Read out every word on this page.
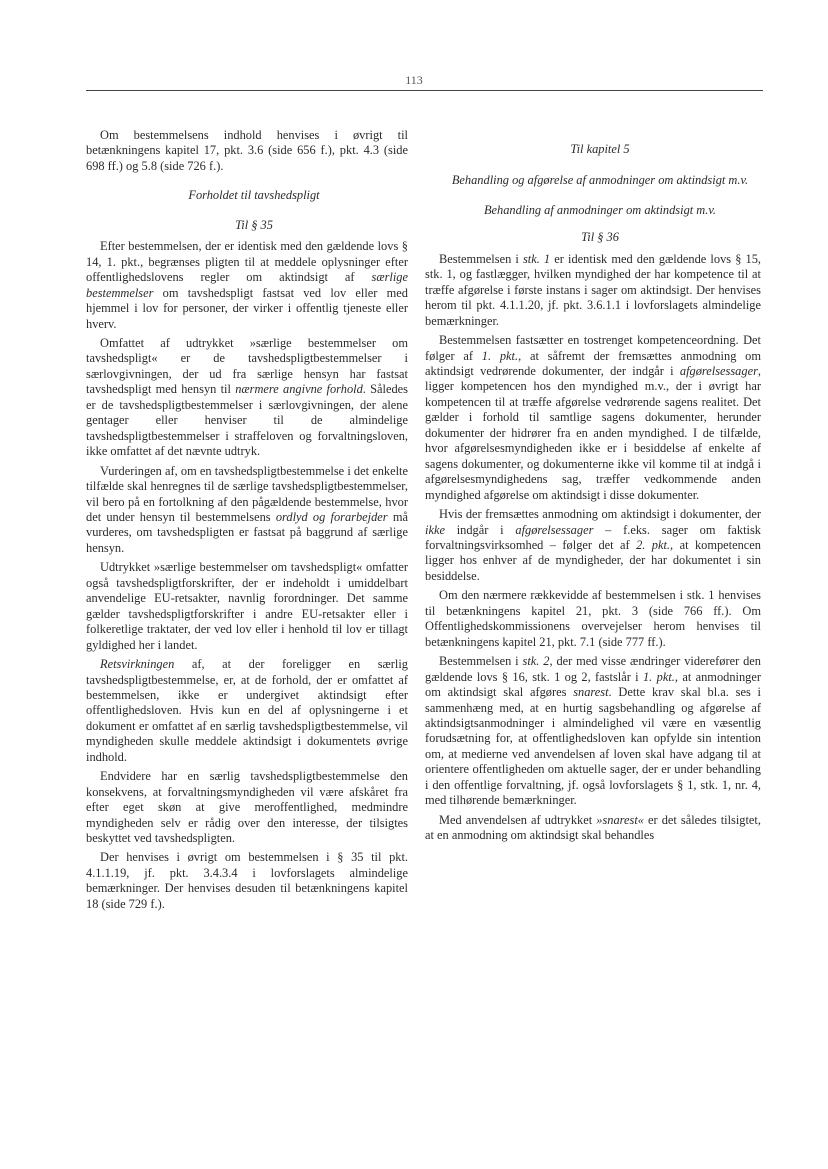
113

Om bestemmelsens indhold henvises i øvrigt til betænkningens kapitel 17, pkt. 3.6 (side 656 f.), pkt. 4.3 (side 698 ff.) og 5.8 (side 726 f.).

Forholdet til tavshedspligt

Til § 35

Efter bestemmelsen, der er identisk med den gældende lovs § 14, 1. pkt., begrænses pligten til at meddele oplysninger efter offentlighedslovens regler om aktindsigt af særlige bestemmelser om tavshedspligt fastsat ved lov eller med hjemmel i lov for personer, der virker i offentlig tjeneste eller hverv.

Omfattet af udtrykket »særlige bestemmelser om tavshedspligt« er de tavshedspligtbestemmelser i særlovgivningen, der ud fra særlige hensyn har fastsat tavshedspligt med hensyn til nærmere angivne forhold. Således er de tavshedspligtbestemmelser i særlovgivningen, der alene gentager eller henviser til de almindelige tavshedspligtbestemmelser i straffeloven og forvaltningsloven, ikke omfattet af det nævnte udtryk.

Vurderingen af, om en tavshedspligtbestemmelse i det enkelte tilfælde skal henregnes til de særlige tavshedspligtbestemmelser, vil bero på en fortolkning af den pågældende bestemmelse, hvor det under hensyn til bestemmelsens ordlyd og forarbejder må vurderes, om tavshedspligten er fastsat på baggrund af særlige hensyn.

Udtrykket »særlige bestemmelser om tavshedspligt« omfatter også tavshedspligtforskrifter, der er indeholdt i umiddelbart anvendelige EU-retsakter, navnlig forordninger. Det samme gælder tavshedspligtforskrifter i andre EU-retsakter eller i folkeretlige traktater, der ved lov eller i henhold til lov er tillagt gyldighed her i landet.

Retsvirkningen af, at der foreligger en særlig tavshedspligtbestemmelse, er, at de forhold, der er omfattet af bestemmelsen, ikke er undergivet aktindsigt efter offentlighedsloven. Hvis kun en del af oplysningerne i et dokument er omfattet af en særlig tavshedspligtbestemmelse, vil myndigheden skulle meddele aktindsigt i dokumentets øvrige indhold.

Endvidere har en særlig tavshedspligtbestemmelse den konsekvens, at forvaltningsmyndigheden vil være afskåret fra efter eget skøn at give meroffentlighed, medmindre myndigheden selv er rådig over den interesse, der tilsigtes beskyttet ved tavshedspligten.

Der henvises i øvrigt om bestemmelsen i § 35 til pkt. 4.1.1.19, jf. pkt. 3.4.3.4 i lovforslagets almindelige bemærkninger. Der henvises desuden til betænkningens kapitel 18 (side 729 f.).

Til kapitel 5

Behandling og afgørelse af anmodninger om aktindsigt m.v.

Behandling af anmodninger om aktindsigt m.v.

Til § 36

Bestemmelsen i stk. 1 er identisk med den gældende lovs § 15, stk. 1, og fastlægger, hvilken myndighed der har kompetence til at træffe afgørelse i første instans i sager om aktindsigt. Der henvises herom til pkt. 4.1.1.20, jf. pkt. 3.6.1.1 i lovforslagets almindelige bemærkninger.

Bestemmelsen fastsætter en tostrenget kompetenceordning. Det følger af 1. pkt., at såfremt der fremsættes anmodning om aktindsigt vedrørende dokumenter, der indgår i afgørelsessager, ligger kompetencen hos den myndighed m.v., der i øvrigt har kompetencen til at træffe afgørelse vedrørende sagens realitet. Det gælder i forhold til samtlige sagens dokumenter, herunder dokumenter der hidrører fra en anden myndighed. I de tilfælde, hvor afgørelsesmyndigheden ikke er i besiddelse af enkelte af sagens dokumenter, og dokumenterne ikke vil komme til at indgå i afgørelsesmyndighedens sag, træffer vedkommende anden myndighed afgørelse om aktindsigt i disse dokumenter.

Hvis der fremsættes anmodning om aktindsigt i dokumenter, der ikke indgår i afgørelsessager – f.eks. sager om faktisk forvaltningsvirksomhed – følger det af 2. pkt., at kompetencen ligger hos enhver af de myndigheder, der har dokumentet i sin besiddelse.

Om den nærmere rækkevidde af bestemmelsen i stk. 1 henvises til betænkningens kapitel 21, pkt. 3 (side 766 ff.). Om Offentlighedskommissionens overvejelser herom henvises til betænkningens kapitel 21, pkt. 7.1 (side 777 ff.).

Bestemmelsen i stk. 2, der med visse ændringer viderefører den gældende lovs § 16, stk. 1 og 2, fastslår i 1. pkt., at anmodninger om aktindsigt skal afgøres snarest. Dette krav skal bl.a. ses i sammenhæng med, at en hurtig sagsbehandling og afgørelse af aktindsigtsanmodninger i almindelighed vil være en væsentlig forudsætning for, at offentlighedsloven kan opfylde sin intention om, at medierne ved anvendelsen af loven skal have adgang til at orientere offentligheden om aktuelle sager, der er under behandling i den offentlige forvaltning, jf. også lovforslagets § 1, stk. 1, nr. 4, med tilhørende bemærkninger.

Med anvendelsen af udtrykket »snarest« er det således tilsigtet, at en anmodning om aktindsigt skal behandles
